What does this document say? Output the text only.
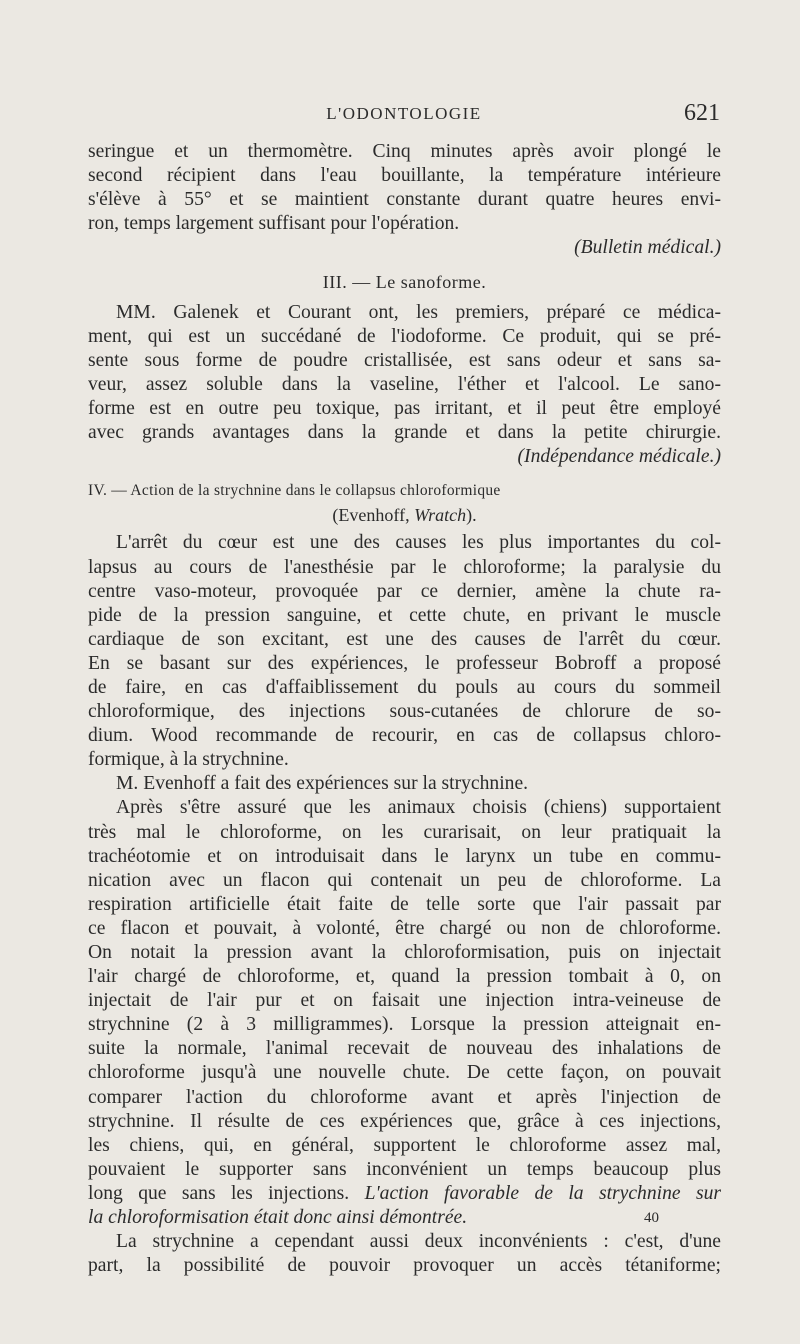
L'ODONTOLOGIE	621
seringue et un thermomètre. Cinq minutes après avoir plongé le
second récipient dans l'eau bouillante, la température intérieure
s'élève à 55° et se maintient constante durant quatre heures envi-
ron, temps largement suffisant pour l'opération.
(Bulletin médical.)
III. — Le sanoforme.
MM. Galenek et Courant ont, les premiers, préparé ce médica-
ment, qui est un succédané de l'iodoforme. Ce produit, qui se pré-
sente sous forme de poudre cristallisée, est sans odeur et sans sa-
veur, assez soluble dans la vaseline, l'éther et l'alcool. Le sano-
forme est en outre peu toxique, pas irritant, et il peut être employé
avec grands avantages dans la grande et dans la petite chirurgie.
(Indépendance médicale.)
IV. — Action de la strychnine dans le collapsus chloroformique
(Evenhoff, Wratch).
L'arrêt du cœur est une des causes les plus importantes du col-
lapsus au cours de l'anesthésie par le chloroforme; la paralysie du
centre vaso-moteur, provoquée par ce dernier, amène la chute ra-
pide de la pression sanguine, et cette chute, en privant le muscle
cardiaque de son excitant, est une des causes de l'arrêt du cœur.
En se basant sur des expériences, le professeur Bobroff a proposé
de faire, en cas d'affaiblissement du pouls au cours du sommeil
chloroformique, des injections sous-cutanées de chlorure de so-
dium. Wood recommande de recourir, en cas de collapsus chloro-
formique, à la strychnine.
M. Evenhoff a fait des expériences sur la strychnine.
Après s'être assuré que les animaux choisis (chiens) supportaient
très mal le chloroforme, on les curarisait, on leur pratiquait la
trachéotomie et on introduisait dans le larynx un tube en commu-
nication avec un flacon qui contenait un peu de chloroforme. La
respiration artificielle était faite de telle sorte que l'air passait par
ce flacon et pouvait, à volonté, être chargé ou non de chloroforme.
On notait la pression avant la chloroformisation, puis on injectait
l'air chargé de chloroforme, et, quand la pression tombait à 0, on
injectait de l'air pur et on faisait une injection intra-veineuse de
strychnine (2 à 3 milligrammes). Lorsque la pression atteignait en-
suite la normale, l'animal recevait de nouveau des inhalations de
chloroforme jusqu'à une nouvelle chute. De cette façon, on pouvait
comparer l'action du chloroforme avant et après l'injection de
strychnine. Il résulte de ces expériences que, grâce à ces injections,
les chiens, qui, en général, supportent le chloroforme assez mal,
pouvaient le supporter sans inconvénient un temps beaucoup plus
long que sans les injections. L'action favorable de la strychnine sur
la chloroformisation était donc ainsi démontrée.
La strychnine a cependant aussi deux inconvénients : c'est, d'une
part, la possibilité de pouvoir provoquer un accès tétaniforme;
40
